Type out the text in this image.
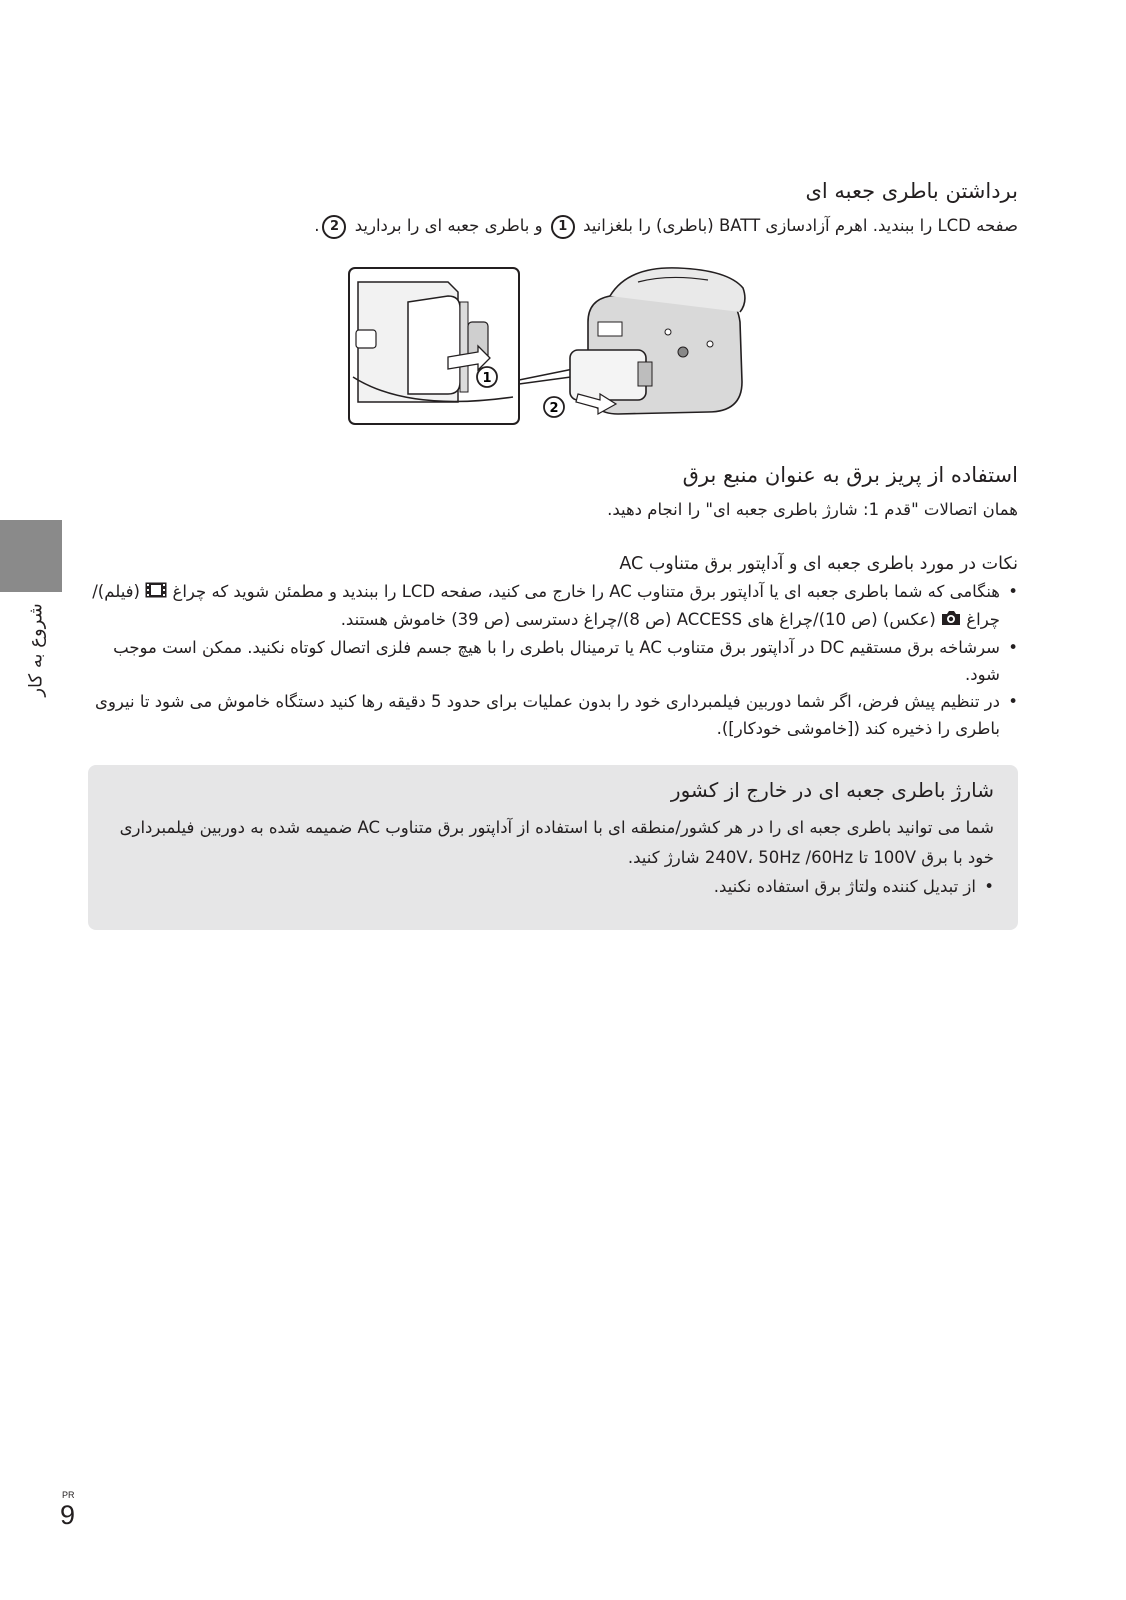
برداشتن باطری جعبه ای

صفحه LCD را ببندید. اهرم آزادسازی BATT (باطری) را بلغزانید 1 و باطری جعبه ای را بردارید 2.

1
2
استفاده از پریز برق به عنوان منبع برق

همان اتصالات "قدم 1: شارژ باطری جعبه ای" را انجام دهید.

نکات در مورد باطری جعبه ای و آداپتور برق متناوب AC

• هنگامی که شما باطری جعبه ای یا آداپتور برق متناوب AC را خارج می کنید، صفحه LCD را ببندید و مطمئن شوید که چراغ  (فیلم)/ چراغ  (عکس) (ص 10)/چراغ های ACCESS (ص 8)/چراغ دسترسی (ص 39) خاموش هستند.
• سرشاخه برق مستقیم DC در آداپتور برق متناوب AC یا ترمینال باطری را با هیچ جسم فلزی اتصال کوتاه نکنید. ممکن است موجب شود.
• در تنظیم پیش فرض، اگر شما دوربین فیلمبرداری خود را بدون عملیات برای حدود 5 دقیقه رها کنید دستگاه خاموش می شود تا نیروی باطری را ذخیره کند ([خاموشی خودکار]).

شارژ باطری جعبه ای در خارج از کشور

شما می توانید باطری جعبه ای را در هر کشور/منطقه ای با استفاده از آداپتور برق متناوب AC ضمیمه شده به دوربین فیلمبرداری خود با برق 100V تا 240V، 50Hz /60Hz شارژ کنید.

• از تبدیل کننده ولتاژ برق استفاده نکنید.
شروع به کار
PR
9
